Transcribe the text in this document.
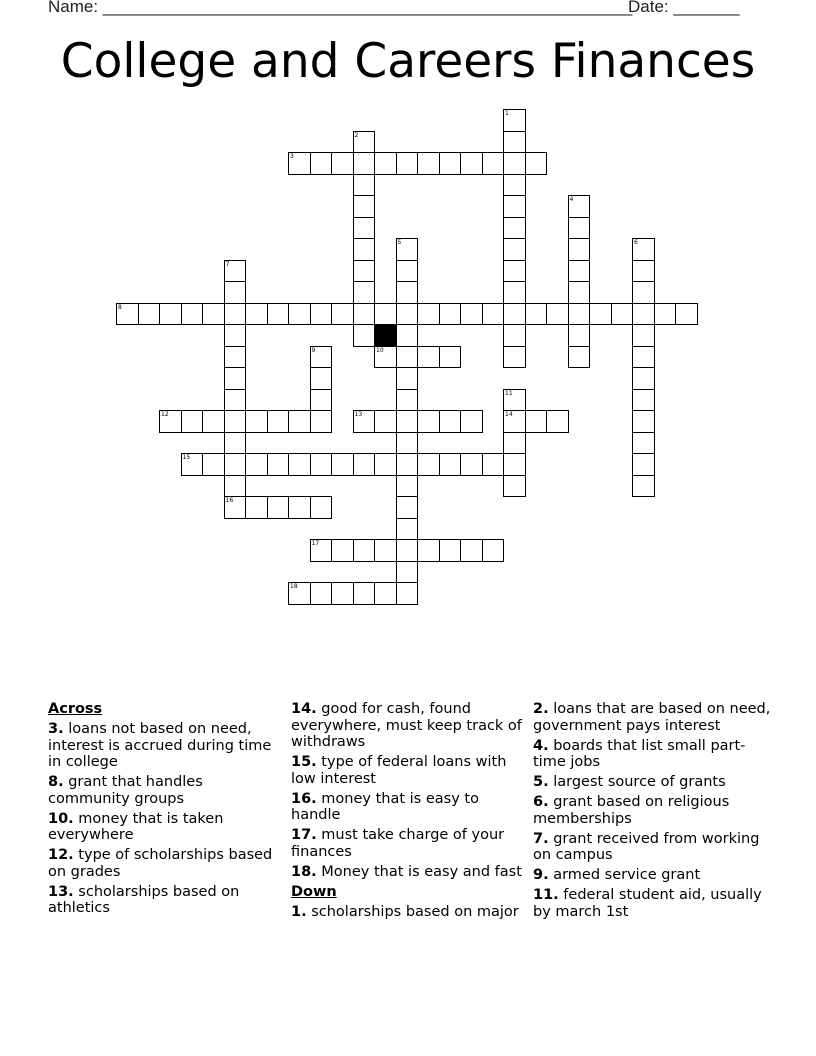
Name: ________________________________________________________
Date: _______
College and Careers Finances
1
2
3
4
5	6
7
16
8
9	10
11
14
12	13
15
17
18
Across
3. loans not based on need, interest is accrued during time in college
8. grant that handles community groups
10. money that is taken everywhere
12. type of scholarships based on grades
13. scholarships based on athletics
14. good for cash, found everywhere, must keep track of withdraws
15. type of federal loans with low interest
16. money that is easy to handle
17. must take charge of your finances
18. Money that is easy and fast
Down
1. scholarships based on major
2. loans that are based on need, government pays interest
4. boards that list small part-time jobs
5. largest source of grants
6. grant based on religious memberships
7. grant received from working on campus
9. armed service grant
11. federal student aid, usually by march 1st
